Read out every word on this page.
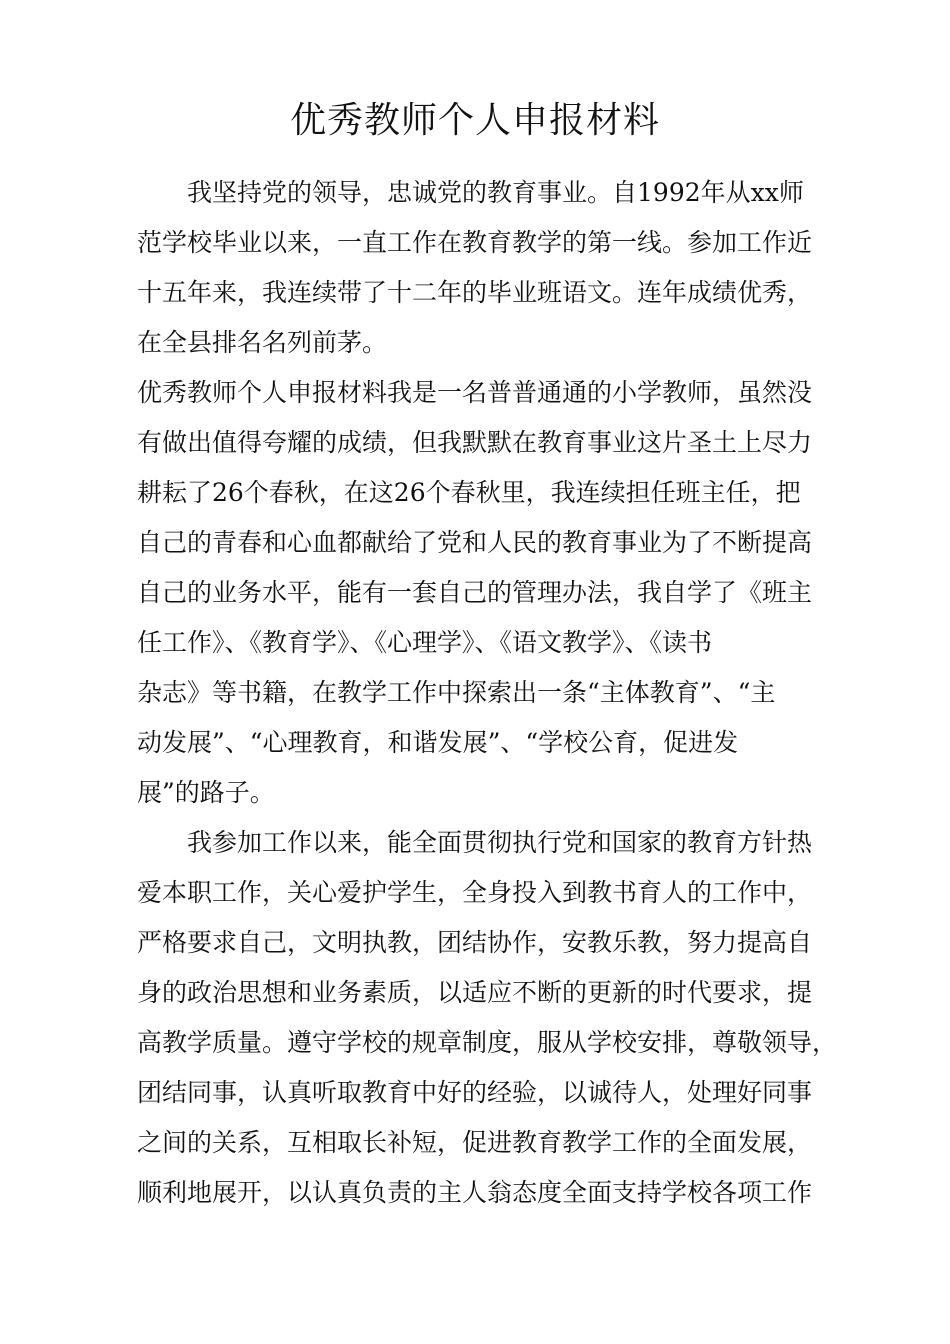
优秀教师个人申报材料
我坚持党的领导，忠诚党的教育事业。自1992年从xx师
范学校毕业以来，一直工作在教育教学的第一线。参加工作近
十五年来，我连续带了十二年的毕业班语文。连年成绩优秀，
在全县排名名列前茅。
优秀教师个人申报材料我是一名普普通通的小学教师，虽然没
有做出值得夸耀的成绩，但我默默在教育事业这片圣土上尽力
耕耘了26个春秋，在这26个春秋里，我连续担任班主任，把
自己的青春和心血都献给了党和人民的教育事业为了不断提高
自己的业务水平，能有一套自己的管理办法，我自学了《班主
任工作》、《教育学》、《心理学》、《语文教学》、《读书
杂志》等书籍，在教学工作中探索出一条“主体教育”、“主
动发展”、“心理教育，和谐发展”、“学校公育，促进发
展”的路子。
我参加工作以来，能全面贯彻执行党和国家的教育方针热
爱本职工作，关心爱护学生，全身投入到教书育人的工作中，
严格要求自己，文明执教，团结协作，安教乐教，努力提高自
身的政治思想和业务素质，以适应不断的更新的时代要求，提
高教学质量。遵守学校的规章制度，服从学校安排，尊敬领导，
团结同事，认真听取教育中好的经验，以诚待人，处理好同事
之间的关系，互相取长补短，促进教育教学工作的全面发展，
顺利地展开，以认真负责的主人翁态度全面支持学校各项工作
